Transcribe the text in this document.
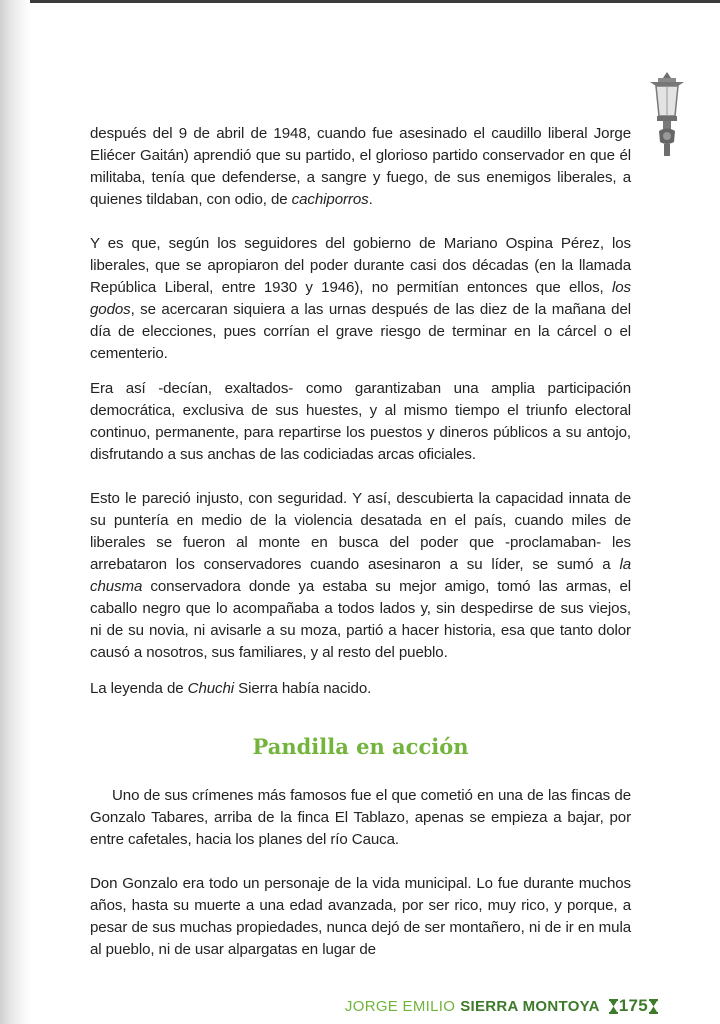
después del 9 de abril de 1948, cuando fue asesinado el caudillo liberal Jorge Eliécer Gaitán) aprendió que su partido, el glorioso partido conservador en que él militaba, tenía que defenderse, a sangre y fuego, de sus enemigos liberales, a quienes tildaban, con odio, de cachiporros.

Y es que, según los seguidores del gobierno de Mariano Ospina Pérez, los liberales, que se apropiaron del poder durante casi dos décadas (en la llamada República Liberal, entre 1930 y 1946), no permitían entonces que ellos, los godos, se acercaran siquiera a las urnas después de las diez de la mañana del día de elecciones, pues corrían el grave riesgo de terminar en la cárcel o el cementerio.

Era así -decían, exaltados- como garantizaban una amplia participación democrática, exclusiva de sus huestes, y al mismo tiempo el triunfo electoral continuo, permanente, para repartirse los puestos y dineros públicos a su antojo, disfrutando a sus anchas de las codiciadas arcas oficiales.

Esto le pareció injusto, con seguridad. Y así, descubierta la capacidad innata de su puntería en medio de la violencia desatada en el país, cuando miles de liberales se fueron al monte en busca del poder que -proclamaban- les arrebataron los conservadores cuando asesinaron a su líder, se sumó a la chusma conservadora donde ya estaba su mejor amigo, tomó las armas, el caballo negro que lo acompañaba a todos lados y, sin despedirse de sus viejos, ni de su novia, ni avisarle a su moza, partió a hacer historia, esa que tanto dolor causó a nosotros, sus familiares, y al resto del pueblo.

La leyenda de Chuchi Sierra había nacido.

Pandilla en acción

Uno de sus crímenes más famosos fue el que cometió en una de las fincas de Gonzalo Tabares, arriba de la finca El Tablazo, apenas se empieza a bajar, por entre cafetales, hacia los planes del río Cauca.

Don Gonzalo era todo un personaje de la vida municipal. Lo fue durante muchos años, hasta su muerte a una edad avanzada, por ser rico, muy rico, y porque, a pesar de sus muchas propiedades, nunca dejó de ser montañero, ni de ir en mula al pueblo, ni de usar alpargatas en lugar de

JORGE EMILIO SIERRA MONTOYA 175
